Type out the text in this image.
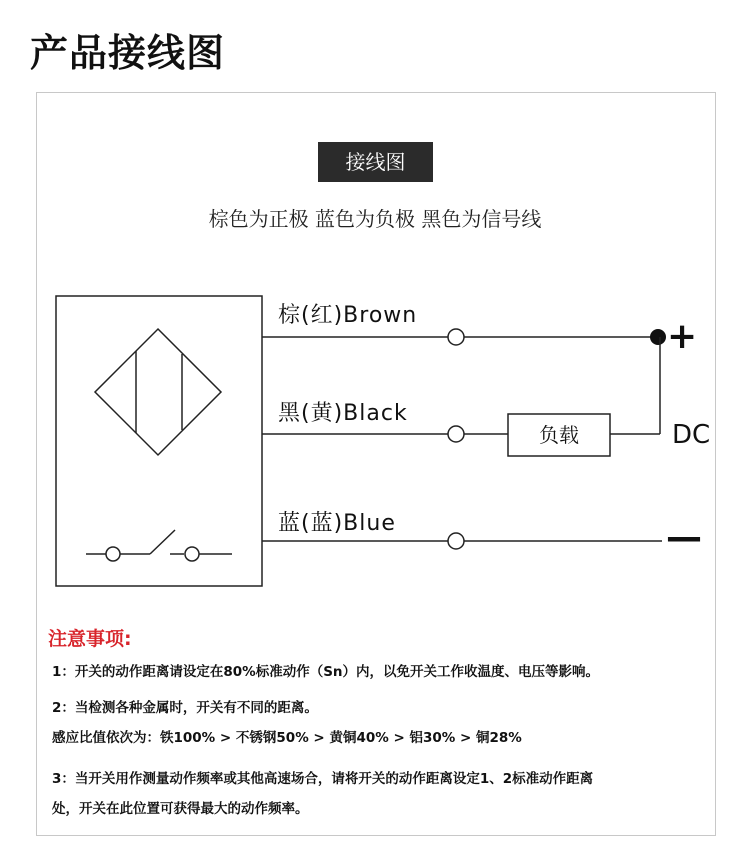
产品接线图
接线图
棕色为正极 蓝色为负极 黑色为信号线
棕(红)Brown
黑(黄)Black
蓝(蓝)Blue
负载	DC
+
—
注意事项:
1：开关的动作距离请设定在80%标准动作（Sn）内，以免开关工作收温度、电压等影响。
2：当检测各种金属时，开关有不同的距离。
感应比值依次为：铁100% > 不锈钢50% > 黄铜40% > 铝30% > 铜28%
3：当开关用作测量动作频率或其他高速场合，请将开关的动作距离设定1、2标准动作距离
处，开关在此位置可获得最大的动作频率。
